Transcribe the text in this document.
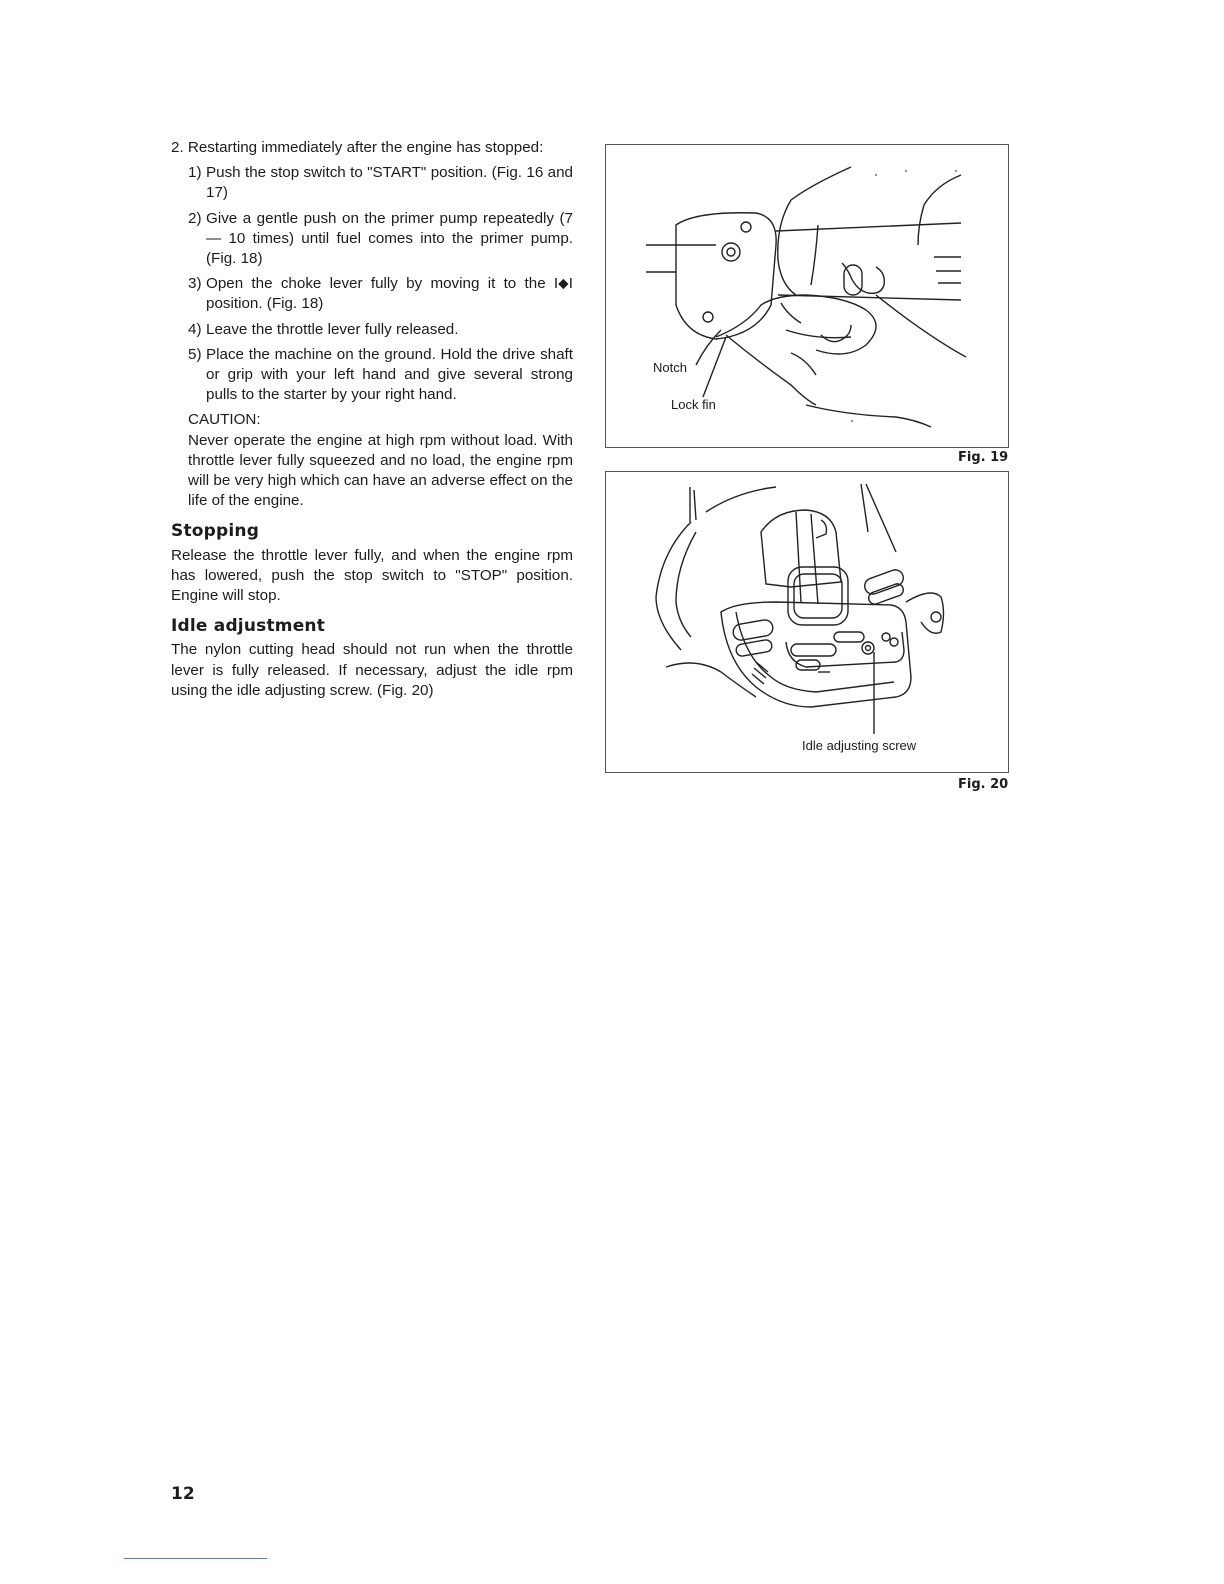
2. Restarting immediately after the engine has stopped:

1) Push the stop switch to "START" position. (Fig. 16 and 17)
2) Give a gentle push on the primer pump repeatedly (7 — 10 times) until fuel comes into the primer pump. (Fig. 18)
3) Open the choke lever fully by moving it to the I⬥I position. (Fig. 18)
4) Leave the throttle lever fully released.
5) Place the machine on the ground. Hold the drive shaft or grip with your left hand and give several strong pulls to the starter by your right hand.

CAUTION:

Never operate the engine at high rpm without load. With throttle lever fully squeezed and no load, the engine rpm will be very high which can have an adverse effect on the life of the engine.

Stopping

Release the throttle lever fully, and when the engine rpm has lowered, push the stop switch to "STOP" position. Engine will stop.

Idle adjustment

The nylon cutting head should not run when the throttle lever is fully released. If necessary, adjust the idle rpm using the idle adjusting screw. (Fig. 20)

Notch
Lock fin
Fig. 19
Idle adjusting screw
Fig. 20
12
